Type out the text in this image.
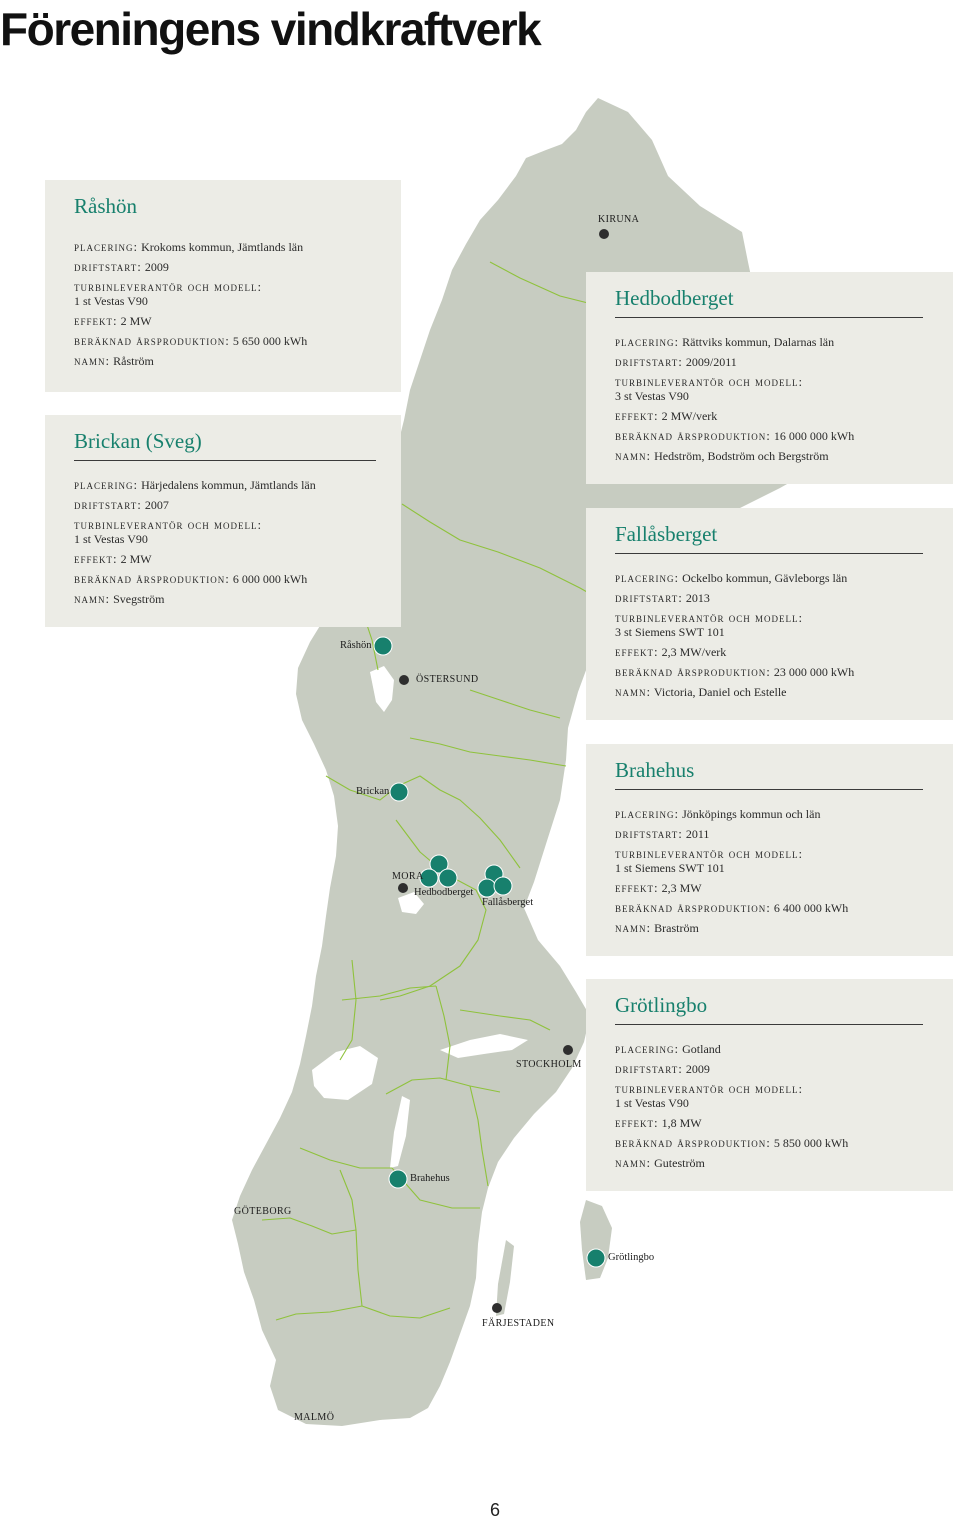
Föreningens vindkraftverk
KIRUNA
ÖSTERSUND
MORA
STOCKHOLM
GÖTEBORG
FÄRJESTADEN
MALMÖ
Råshön
Brickan
Hedbodberget
Fallåsberget
Brahehus
Grötlingbo
Råshön
placering: Krokoms kommun, Jämtlands län
driftstart: 2009
turbinleverantör och modell:
1 st Vestas V90
effekt: 2 MW
beräknad årsproduktion: 5 650 000 kWh
namn: Råström
Brickan (Sveg)
placering: Härjedalens kommun, Jämtlands län
driftstart: 2007
turbinleverantör och modell:
1 st Vestas V90
effekt: 2 MW
beräknad årsproduktion: 6 000 000 kWh
namn: Svegström
Hedbodberget
placering: Rättviks kommun, Dalarnas län
driftstart: 2009/2011
turbinleverantör och modell:
3 st Vestas V90
effekt: 2 MW/verk
beräknad årsproduktion: 16 000 000 kWh
namn: Hedström, Bodström och Bergström
Fallåsberget
placering: Ockelbo kommun, Gävleborgs län
driftstart: 2013
turbinleverantör och modell:
3 st Siemens SWT 101
effekt: 2,3 MW/verk
beräknad årsproduktion: 23 000 000 kWh
namn: Victoria, Daniel och Estelle
Brahehus
placering: Jönköpings kommun och län
driftstart: 2011
turbinleverantör och modell:
1 st Siemens SWT 101
effekt: 2,3 MW
beräknad årsproduktion: 6 400 000 kWh
namn: Braström
Grötlingbo
placering: Gotland
driftstart: 2009
turbinleverantör och modell:
1 st Vestas V90
effekt: 1,8 MW
beräknad årsproduktion: 5 850 000 kWh
namn: Guteström
6
